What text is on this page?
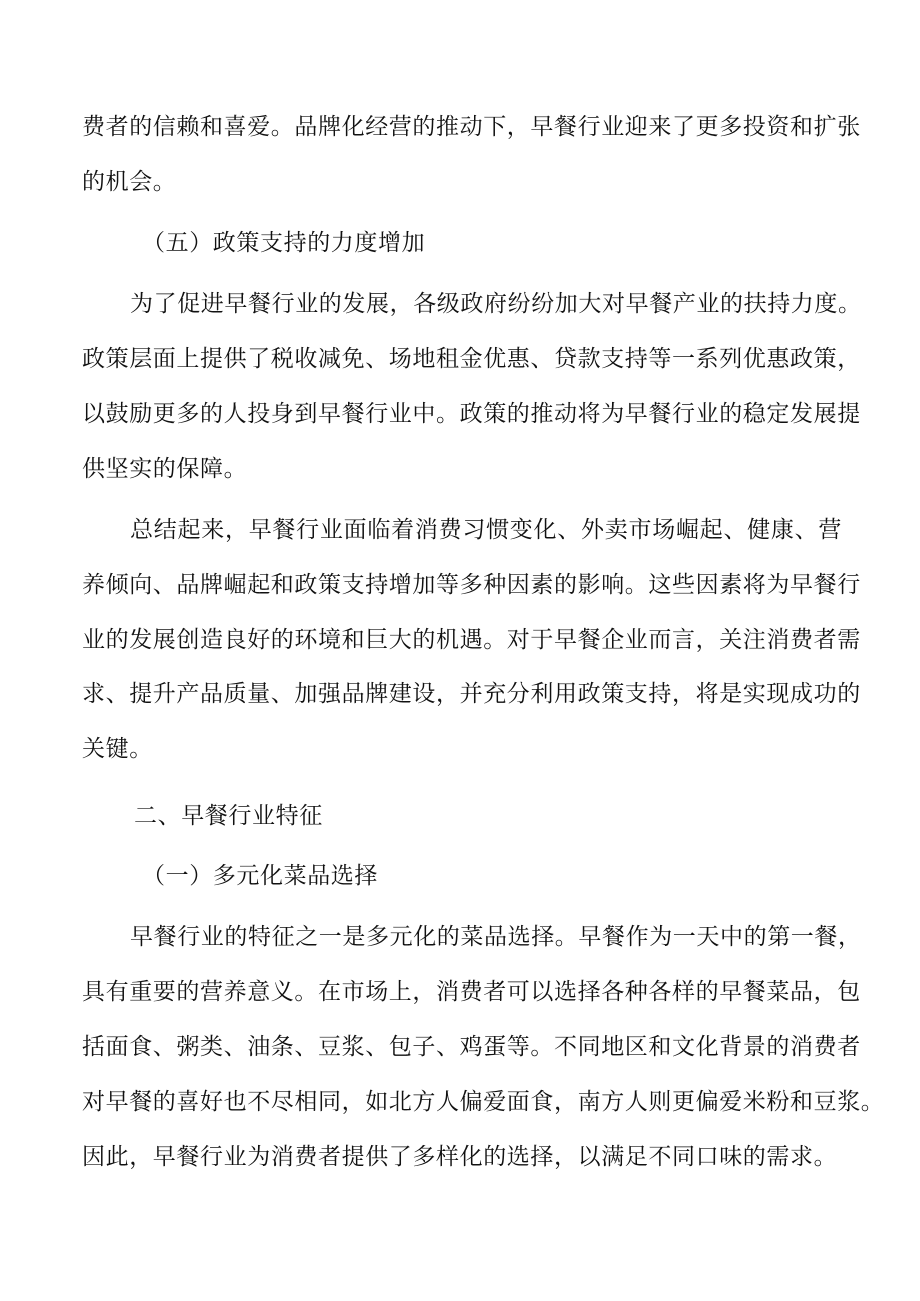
费者的信赖和喜爱。品牌化经营的推动下，早餐行业迎来了更多投资和扩张
的机会。
（五）政策支持的力度增加
为了促进早餐行业的发展，各级政府纷纷加大对早餐产业的扶持力度。
政策层面上提供了税收减免、场地租金优惠、贷款支持等一系列优惠政策，
以鼓励更多的人投身到早餐行业中。政策的推动将为早餐行业的稳定发展提
供坚实的保障。
总结起来，早餐行业面临着消费习惯变化、外卖市场崛起、健康、营
养倾向、品牌崛起和政策支持增加等多种因素的影响。这些因素将为早餐行
业的发展创造良好的环境和巨大的机遇。对于早餐企业而言，关注消费者需
求、提升产品质量、加强品牌建设，并充分利用政策支持，将是实现成功的
关键。
二、早餐行业特征
（一）多元化菜品选择
早餐行业的特征之一是多元化的菜品选择。早餐作为一天中的第一餐，
具有重要的营养意义。在市场上，消费者可以选择各种各样的早餐菜品，包
括面食、粥类、油条、豆浆、包子、鸡蛋等。不同地区和文化背景的消费者
对早餐的喜好也不尽相同，如北方人偏爱面食，南方人则更偏爱米粉和豆浆。
因此，早餐行业为消费者提供了多样化的选择，以满足不同口味的需求。
